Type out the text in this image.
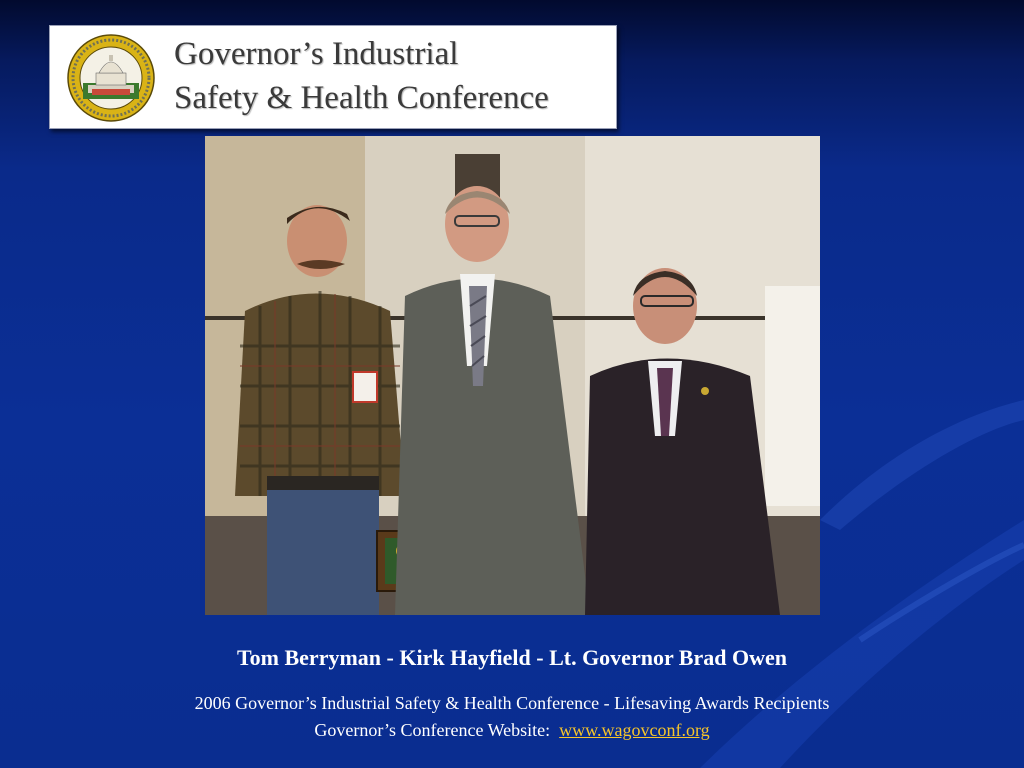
Governor’s Industrial
Safety & Health Conference
Tom Berryman - Kirk Hayfield - Lt. Governor Brad Owen
2006 Governor’s Industrial Safety & Health Conference - Lifesaving Awards Recipients
Governor’s Conference Website: www.wagovconf.org
